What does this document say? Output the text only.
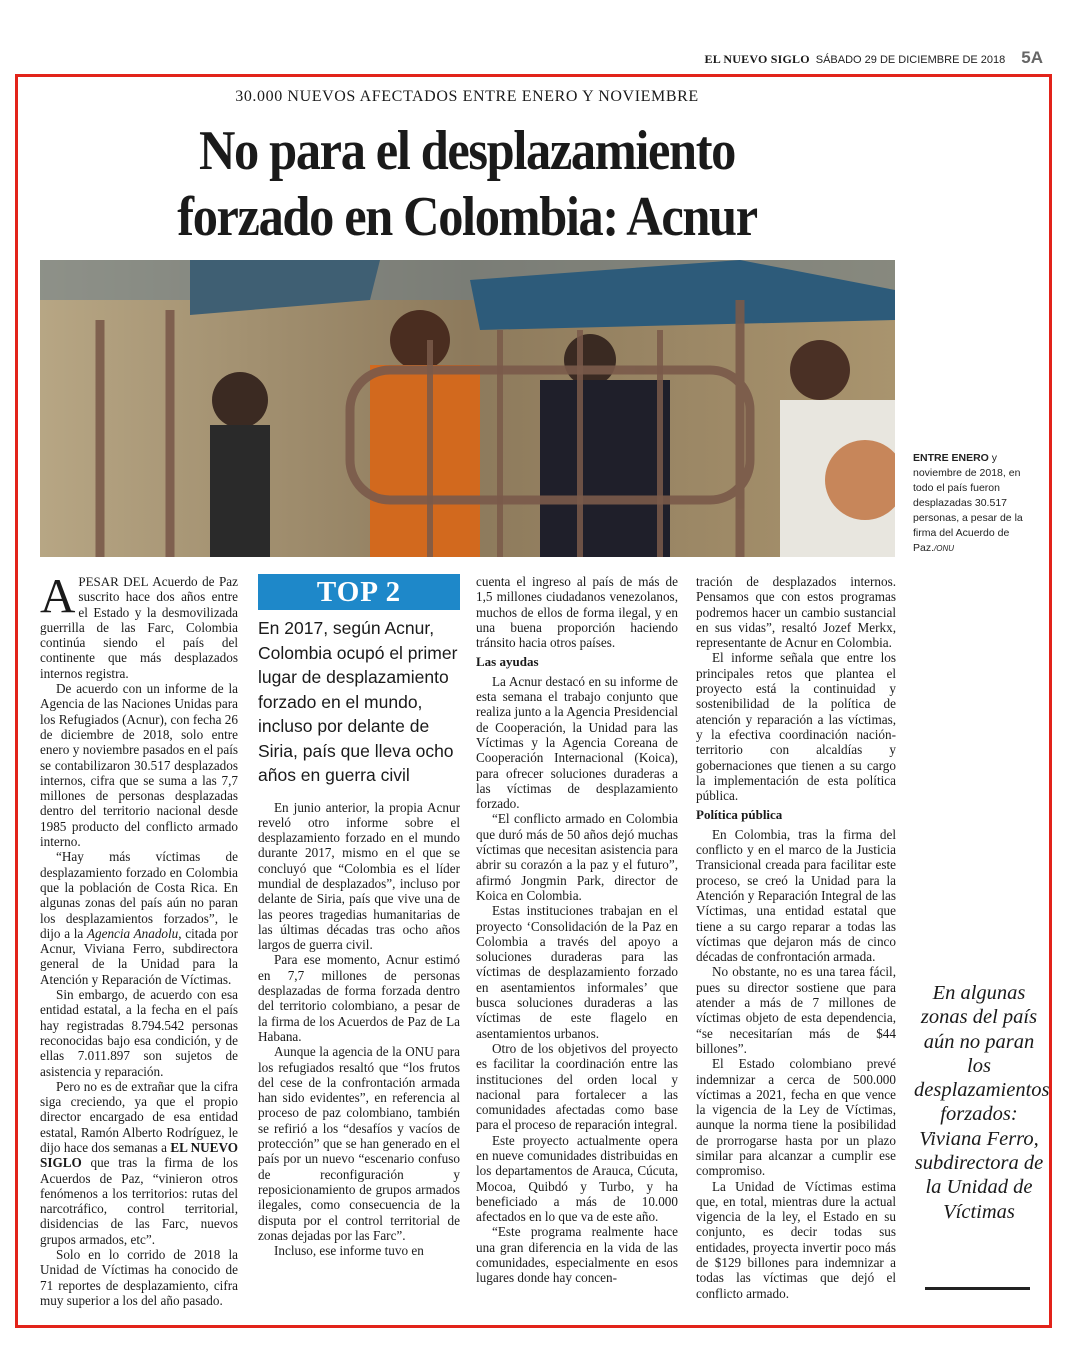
EL NUEVO SIGLO SÁBADO 29 DE DICIEMBRE DE 2018 5A
30.000 NUEVOS AFECTADOS ENTRE ENERO Y NOVIEMBRE
No para el desplazamiento
forzado en Colombia: Acnur
ENTRE ENERO y noviembre de 2018, en todo el país fueron desplazadas 30.517 personas, a pesar de la firma del Acuerdo de Paz./ONU

APESAR DEL Acuerdo de Paz suscrito hace dos años entre el Estado y la desmovilizada guerrilla de las Farc, Colombia continúa siendo el país del continente que más desplazados internos registra.

De acuerdo con un informe de la Agencia de las Naciones Unidas para los Refugiados (Acnur), con fecha 26 de diciembre de 2018, solo entre enero y noviembre pasados en el país se contabilizaron 30.517 desplazados internos, cifra que se suma a las 7,7 millones de personas desplazadas dentro del territorio nacional desde 1985 producto del conflicto armado interno.

“Hay más víctimas de desplazamiento forzado en Colombia que la población de Costa Rica. En algunas zonas del país aún no paran los desplazamientos forzados”, le dijo a la Agencia Anadolu, citada por Acnur, Viviana Ferro, subdirectora general de la Unidad para la Atención y Reparación de Víctimas.

Sin embargo, de acuerdo con esa entidad estatal, a la fecha en el país hay registradas 8.794.542 personas reconocidas bajo esa condición, y de ellas 7.011.897 son sujetos de asistencia y reparación.

Pero no es de extrañar que la cifra siga creciendo, ya que el propio director encargado de esa entidad estatal, Ramón Alberto Rodríguez, le dijo hace dos semanas a EL NUEVO SIGLO que tras la firma de los Acuerdos de Paz, “vinieron otros fenómenos a los territorios: rutas del narcotráfico, control territorial, disidencias de las Farc, nuevos grupos armados, etc”.

Solo en lo corrido de 2018 la Unidad de Víctimas ha conocido de 71 reportes de desplazamiento, cifra muy superior a los del año pasado.

TOP 2
En 2017, según Acnur, Colombia ocupó el primer lugar de desplazamiento forzado en el mundo, incluso por delante de Siria, país que lleva ocho años en guerra civil

En junio anterior, la propia Acnur reveló otro informe sobre el desplazamiento forzado en el mundo durante 2017, mismo en el que se concluyó que “Colombia es el líder mundial de desplazados”, incluso por delante de Siria, país que vive una de las peores tragedias humanitarias de las últimas décadas tras ocho años largos de guerra civil.

Para ese momento, Acnur estimó en 7,7 millones de personas desplazadas de forma forzada dentro del territorio colombiano, a pesar de la firma de los Acuerdos de Paz de La Habana.

Aunque la agencia de la ONU para los refugiados resaltó que “los frutos del cese de la confrontación armada han sido evidentes”, en referencia al proceso de paz colombiano, también se refirió a los “desafíos y vacíos de protección” que se han generado en el país por un nuevo “escenario confuso de reconfiguración y reposicionamiento de grupos armados ilegales, como consecuencia de la disputa por el control territorial de zonas dejadas por las Farc”.

Incluso, ese informe tuvo en

cuenta el ingreso al país de más de 1,5 millones ciudadanos venezolanos, muchos de ellos de forma ilegal, y en una buena proporción haciendo tránsito hacia otros países.

Las ayudas

La Acnur destacó en su informe de esta semana el trabajo conjunto que realiza junto a la Agencia Presidencial de Cooperación, la Unidad para las Víctimas y la Agencia Coreana de Cooperación Internacional (Koica), para ofrecer soluciones duraderas a las víctimas de desplazamiento forzado.

“El conflicto armado en Colombia que duró más de 50 años dejó muchas víctimas que necesitan asistencia para abrir su corazón a la paz y el futuro”, afirmó Jongmin Park, director de Koica en Colombia.

Estas instituciones trabajan en el proyecto ‘Consolidación de la Paz en Colombia a través del apoyo a soluciones duraderas para las víctimas de desplazamiento forzado en asentamientos informales’ que busca soluciones duraderas a las víctimas de este flagelo en asentamientos urbanos.

Otro de los objetivos del proyecto es facilitar la coordinación entre las instituciones del orden local y nacional para fortalecer a las comunidades afectadas como base para el proceso de reparación integral.

Este proyecto actualmente opera en nueve comunidades distribuidas en los departamentos de Arauca, Cúcuta, Mocoa, Quibdó y Turbo, y ha beneficiado a más de 10.000 afectados en lo que va de este año.

“Este programa realmente hace una gran diferencia en la vida de las comunidades, especialmente en esos lugares donde hay concen-

tración de desplazados internos. Pensamos que con estos programas podremos hacer un cambio sustancial en sus vidas”, resaltó Jozef Merkx, representante de Acnur en Colombia.

El informe señala que entre los principales retos que plantea el proyecto está la continuidad y sostenibilidad de la política de atención y reparación a las víctimas, y la efectiva coordinación nación-territorio con alcaldías y gobernaciones que tienen a su cargo la implementación de esta política pública.

Política pública

En Colombia, tras la firma del conflicto y en el marco de la Justicia Transicional creada para facilitar este proceso, se creó la Unidad para la Atención y Reparación Integral de las Víctimas, una entidad estatal que tiene a su cargo reparar a todas las víctimas que dejaron más de cinco décadas de confrontación armada.

No obstante, no es una tarea fácil, pues su director sostiene que para atender a más de 7 millones de víctimas objeto de esta dependencia, “se necesitarían más de $44 billones”.

El Estado colombiano prevé indemnizar a cerca de 500.000 víctimas a 2021, fecha en que vence la vigencia de la Ley de Víctimas, aunque la norma tiene la posibilidad de prorrogarse hasta por un plazo similar para alcanzar a cumplir ese compromiso.

La Unidad de Víctimas estima que, en total, mientras dure la actual vigencia de la ley, el Estado en su conjunto, es decir todas sus entidades, proyecta invertir poco más de $129 billones para indemnizar a todas las víctimas que dejó el conflicto armado.

En algunas zonas del país aún no paran los desplazamientos forzados: Viviana Ferro, subdirectora de la Unidad de Víctimas
